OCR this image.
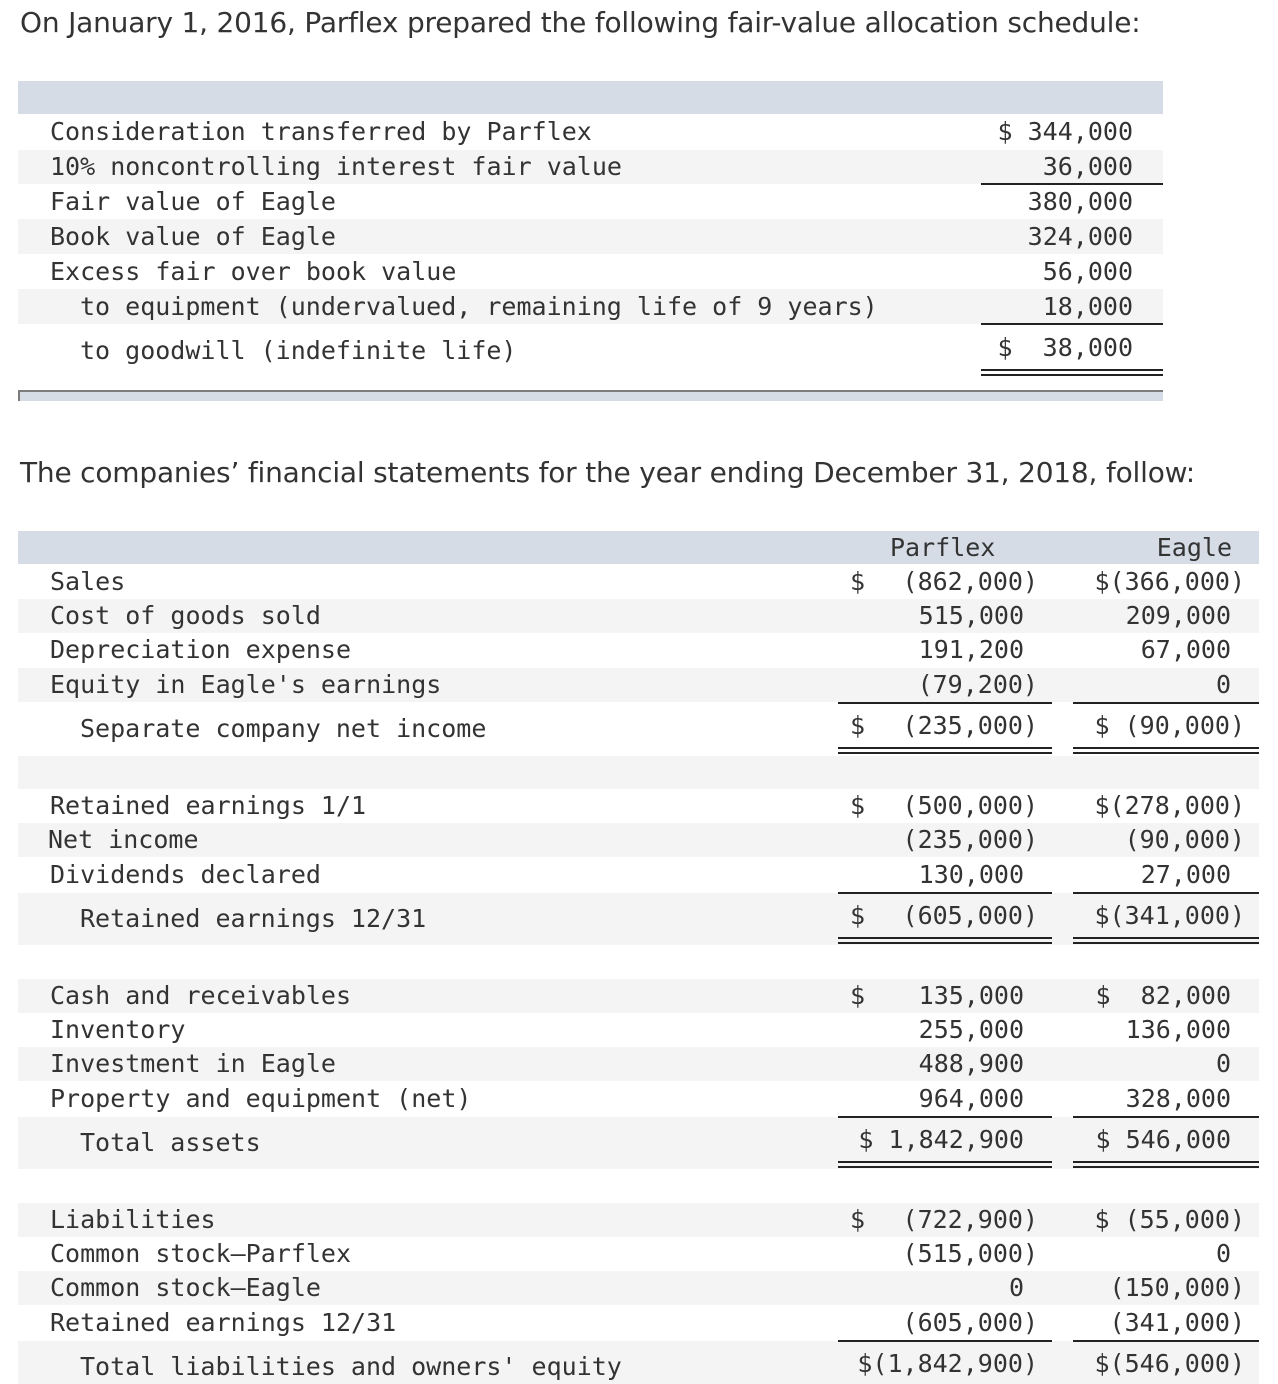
On January 1, 2016, Parflex prepared the following fair-value allocation schedule:
Consideration transferred by Parflex	$ 344,000
10% noncontrolling interest fair value	36,000
Fair value of Eagle	380,000
Book value of Eagle	324,000
Excess fair over book value	56,000
to equipment (undervalued, remaining life of 9 years)	18,000
to goodwill (indefinite life)	$  38,000
The companies’ financial statements for the year ending December 31, 2018, follow:
Parflex	Eagle
Sales	$	(862,000)	$(366,000)
Cost of goods sold	515,000	209,000
Depreciation expense	191,200	67,000
Equity in Eagle's earnings	(79,200)	0
Separate company net income	$	(235,000)	$ (90,000)
Retained earnings 1/1	$	(500,000)	$(278,000)
Net income	(235,000)	(90,000)
Dividends declared	130,000	27,000
Retained earnings 12/31	$	(605,000)	$(341,000)
Cash and receivables	$	135,000	$  82,000
Inventory	255,000	136,000
Investment in Eagle	488,900	0
Property and equipment (net)	964,000	328,000
Total assets	$ 1,842,900	$ 546,000
Liabilities	$	(722,900)	$ (55,000)
Common stock–Parflex	(515,000)	0
Common stock–Eagle	0	(150,000)
Retained earnings 12/31	(605,000)	(341,000)
Total liabilities and owners' equity	$(1,842,900)	$(546,000)
